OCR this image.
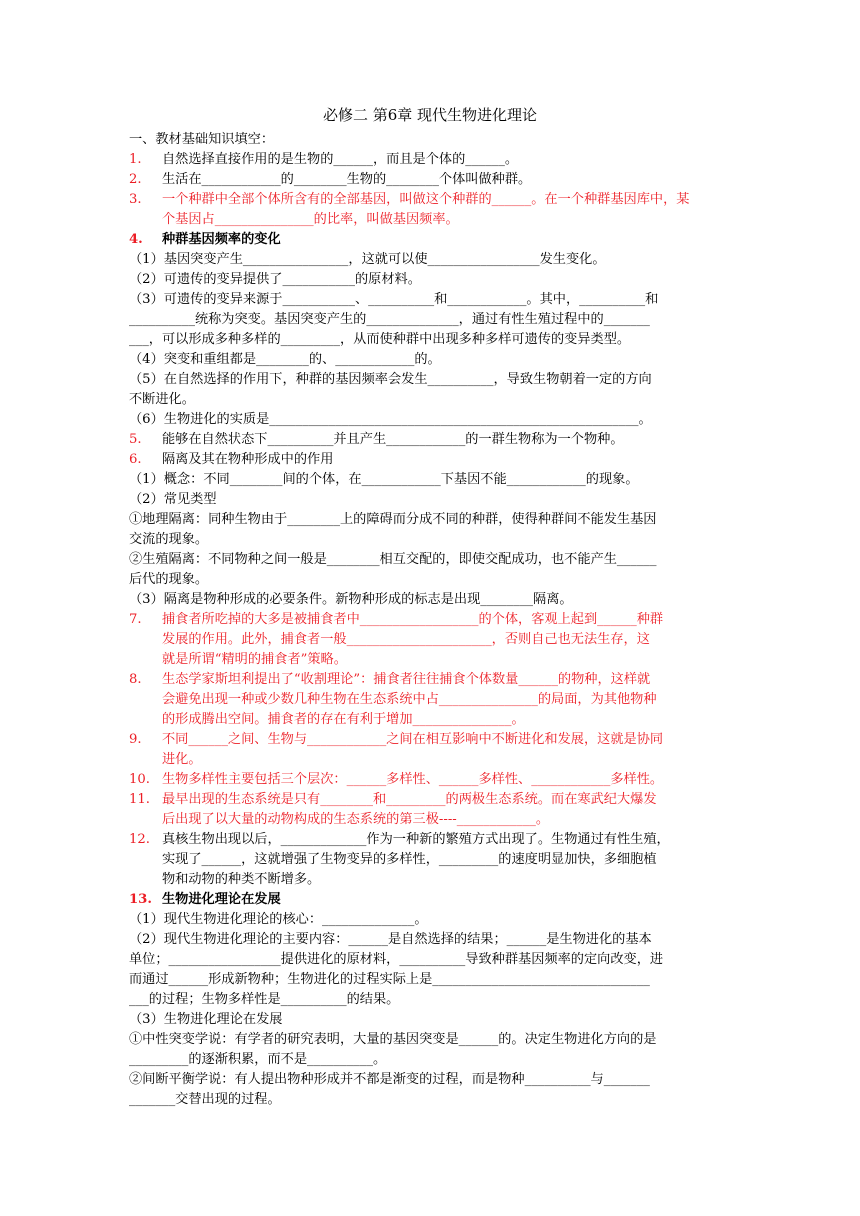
必修二 第6章 现代生物进化理论
一、教材基础知识填空：
1. 自然选择直接作用的是生物的______，而且是个体的______。
2. 生活在____________的________生物的________个体叫做种群。
3. 一个种群中全部个体所含有的全部基因，叫做这个种群的______。在一个种群基因库中，某
个基因占_______________的比率，叫做基因频率。
4. 种群基因频率的变化
（1）基因突变产生________________，这就可以使_________________发生变化。
（2）可遗传的变异提供了___________的原材料。
（3）可遗传的变异来源于___________、__________和____________。其中，__________和
__________统称为突变。基因突变产生的______________，通过有性生殖过程中的_______
___，可以形成多种多样的_________，从而使种群中出现多种多样可遗传的变异类型。
（4）突变和重组都是________的、____________的。
（5）在自然选择的作用下，种群的基因频率会发生__________，导致生物朝着一定的方向
不断进化。
（6）生物进化的实质是________________________________________________________。
5. 能够在自然状态下__________并且产生____________的一群生物称为一个物种。
6. 隔离及其在物种形成中的作用
（1）概念：不同________间的个体，在____________下基因不能____________的现象。
（2）常见类型
①地理隔离：同种生物由于________上的障碍而分成不同的种群，使得种群间不能发生基因
交流的现象。
②生殖隔离：不同物种之间一般是________相互交配的，即使交配成功，也不能产生______
后代的现象。
（3）隔离是物种形成的必要条件。新物种形成的标志是出现________隔离。
7. 捕食者所吃掉的大多是被捕食者中__________________的个体，客观上起到______种群
发展的作用。此外，捕食者一般______________________，否则自己也无法生存，这
就是所谓“精明的捕食者”策略。
8. 生态学家斯坦利提出了“收割理论”：捕食者往往捕食个体数量______的物种，这样就
会避免出现一种或少数几种生物在生态系统中占_______________的局面，为其他物种
的形成腾出空间。捕食者的存在有利于增加_______________。
9. 不同______之间、生物与____________之间在相互影响中不断进化和发展，这就是协同
进化。
10. 生物多样性主要包括三个层次：______多样性、______多样性、____________多样性。
11. 最早出现的生态系统是只有________和_________的两极生态系统。而在寒武纪大爆发
后出现了以大量的动物构成的生态系统的第三极----____________。
12. 真核生物出现以后，_____________作为一种新的繁殖方式出现了。生物通过有性生殖，
实现了______，这就增强了生物变异的多样性，_________的速度明显加快，多细胞植
物和动物的种类不断增多。
13. 生物进化理论在发展
（1）现代生物进化理论的核心：______________。
（2）现代生物进化理论的主要内容：______是自然选择的结果；______是生物进化的基本
单位；_________________提供进化的原材料，__________导致种群基因频率的定向改变，进
而通过______形成新物种；生物进化的过程实际上是_________________________________
___的过程；生物多样性是__________的结果。
（3）生物进化理论在发展
①中性突变学说：有学者的研究表明，大量的基因突变是______的。决定生物进化方向的是
_________的逐渐积累，而不是__________。
②间断平衡学说：有人提出物种形成并不都是渐变的过程，而是物种__________与_______
_______交替出现的过程。
